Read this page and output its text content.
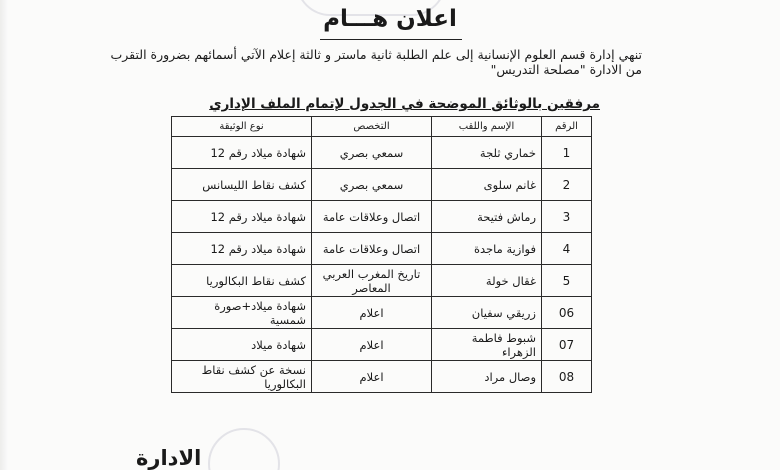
اعلان هـــام
تنهي إدارة قسم العلوم الإنسانية إلى علم الطلبة ثانية ماستر و ثالثة إعلام الآتي أسمائهم بضرورة التقرب من الادارة "مصلحة التدريس"
مرفقين بالوثائق الموضحة في الجدول لإتمام الملف الإداري
الرقم	الإسم واللقب	التخصص	نوع الوثيقة
1	خماري ثلجة	سمعي بصري	شهادة ميلاد رقم 12
2	غانم سلوى	سمعي بصري	كشف نقاط الليسانس
3	رماش فتيحة	اتصال وعلاقات عامة	شهادة ميلاد رقم 12
4	فوازية ماجدة	اتصال وعلاقات عامة	شهادة ميلاد رقم 12
5	غقال خولة	تاريخ المغرب العربي المعاصر	كشف نقاط البكالوريا
06	زريقي سفيان	اعلام	شهادة ميلاد+صورة شمسية
07	شبوط فاطمة الزهراء	اعلام	شهادة ميلاد
08	وصال مراد	اعلام	نسخة عن كشف نقاط البكالوريا
الادارة
